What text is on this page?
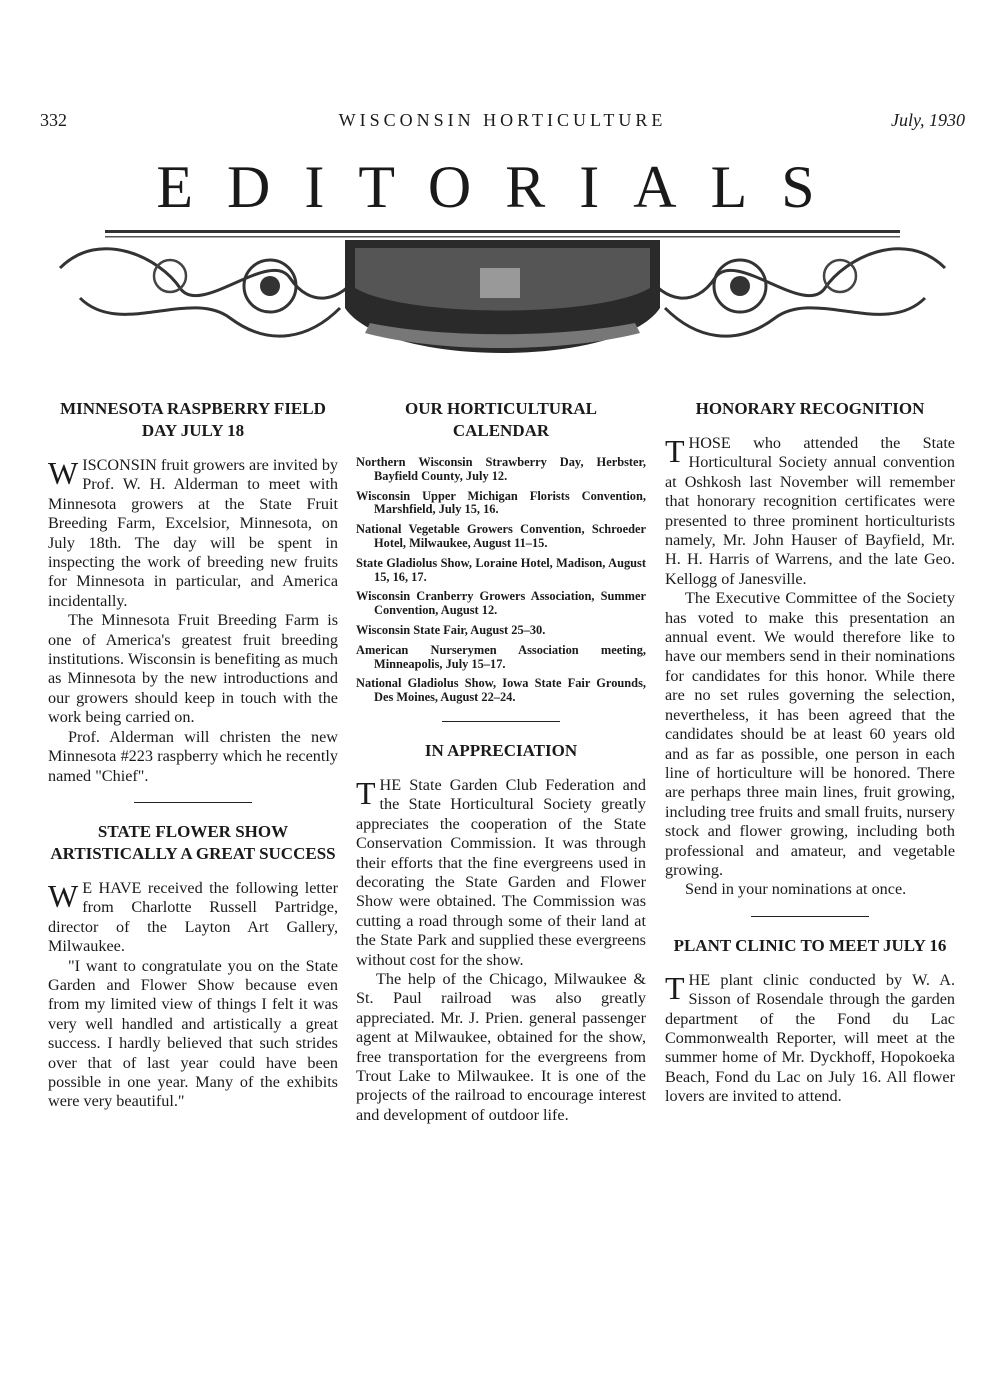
332	WISCONSIN HORTICULTURE	July, 1930
EDITORIALS
MINNESOTA RASPBERRY FIELD DAY JULY 18

WISCONSIN fruit growers are invited by Prof. W. H. Alderman to meet with Minnesota growers at the State Fruit Breeding Farm, Excelsior, Minnesota, on July 18th. The day will be spent in inspecting the work of breeding new fruits for Minnesota in particular, and America incidentally.

The Minnesota Fruit Breeding Farm is one of America's greatest fruit breeding institutions. Wisconsin is benefiting as much as Minnesota by the new introductions and our growers should keep in touch with the work being carried on.

Prof. Alderman will christen the new Minnesota #223 raspberry which he recently named "Chief".

STATE FLOWER SHOW ARTISTICALLY A GREAT SUCCESS

W E HAVE received the following letter from Charlotte Russell Partridge, director of the Layton Art Gallery, Milwaukee.

"I want to congratulate you on the State Garden and Flower Show because even from my limited view of things I felt it was very well handled and artistically a great success. I hardly believed that such strides over that of last year could have been possible in one year. Many of the exhibits were very beautiful."

OUR HORTICULTURAL CALENDAR

Northern Wisconsin Strawberry Day, Herbster, Bayfield County, July 12.

Wisconsin Upper Michigan Florists Convention, Marshfield, July 15, 16.

National Vegetable Growers Convention, Schroeder Hotel, Milwaukee, August 11–15.

State Gladiolus Show, Loraine Hotel, Madison, August 15, 16, 17.

Wisconsin Cranberry Growers Association, Summer Convention, August 12.

Wisconsin State Fair, August 25–30.

American Nurserymen Association meeting, Minneapolis, July 15–17.

National Gladiolus Show, Iowa State Fair Grounds, Des Moines, August 22–24.

IN APPRECIATION

THE State Garden Club Federation and the State Horticultural Society greatly appreciates the cooperation of the State Conservation Commission. It was through their efforts that the fine evergreens used in decorating the State Garden and Flower Show were obtained. The Commission was cutting a road through some of their land at the State Park and supplied these evergreens without cost for the show.

The help of the Chicago, Milwaukee & St. Paul railroad was also greatly appreciated. Mr. J. Prien. general passenger agent at Milwaukee, obtained for the show, free transportation for the evergreens from Trout Lake to Milwaukee. It is one of the projects of the railroad to encourage interest and development of outdoor life.

HONORARY RECOGNITION

THOSE who attended the State Horticultural Society annual convention at Oshkosh last November will remember that honorary recognition certificates were presented to three prominent horticulturists namely, Mr. John Hauser of Bayfield, Mr. H. H. Harris of Warrens, and the late Geo. Kellogg of Janesville.

The Executive Committee of the Society has voted to make this presentation an annual event. We would therefore like to have our members send in their nominations for candidates for this honor. While there are no set rules governing the selection, nevertheless, it has been agreed that the candidates should be at least 60 years old and as far as possible, one person in each line of horticulture will be honored. There are perhaps three main lines, fruit growing, including tree fruits and small fruits, nursery stock and flower growing, including both professional and amateur, and vegetable growing.

Send in your nominations at once.

PLANT CLINIC TO MEET JULY 16

THE plant clinic conducted by W. A. Sisson of Rosendale through the garden department of the Fond du Lac Commonwealth Reporter, will meet at the summer home of Mr. Dyckhoff, Hopokoeka Beach, Fond du Lac on July 16. All flower lovers are invited to attend.
